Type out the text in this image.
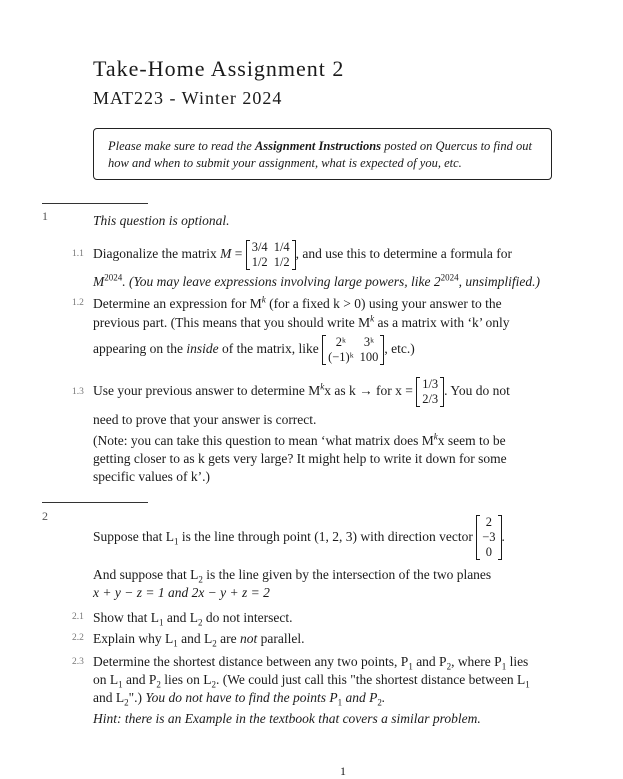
Take-Home Assignment 2
MAT223 - Winter 2024
Please make sure to read the Assignment Instructions posted on Quercus to find out how and when to submit your assignment, what is expected of you, etc.
1	This question is optional.
1.1 Diagonalize the matrix M = 3/4	1/4
1/2	1/2
, and use this to determine a formula for
$M^{2024}$. (You may leave expressions involving large powers, like $2^{2024}$, unsimplified.)
1.2 Determine an expression for $M^k$ (for a fixed k > 0) using your answer to the
previous part. (This means that you should write $M^k$ as a matrix with ‘k’ only
appearing on the inside of the matrix, like 2ᵏ	3ᵏ
(−1)ᵏ	100
, etc.)
1.3 Use your previous answer to determine $M^kx$ as k → for x = 1/3
2/3
. You do not
need to prove that your answer is correct.
(Note: you can take this question to mean ‘what matrix does $M^kx$ seem to be
getting closer to as k gets very large? It might help to write it down for some
specific values of k’.)
2
Suppose that $L_1$ is the line through point (1, 2, 3) with direction vector
2
−3
0
.
And suppose that $L_2$ is the line given by the intersection of the two planes
x + y − z = 1 and 2x − y + z = 2
2.1 Show that $L_1$ and $L_2$ do not intersect.
2.2 Explain why $L_1$ and $L_2$ are not parallel.
2.3 Determine the shortest distance between any two points, $P_1$ and $P_2$, where $P_1$ lies
on $L_1$ and $P_2$ lies on $L_2$. (We could just call this "the shortest distance between $L_1$
and $L_2$".) You do not have to find the points $P_1$ and $P_2$.
Hint: there is an Example in the textbook that covers a similar problem.
1
